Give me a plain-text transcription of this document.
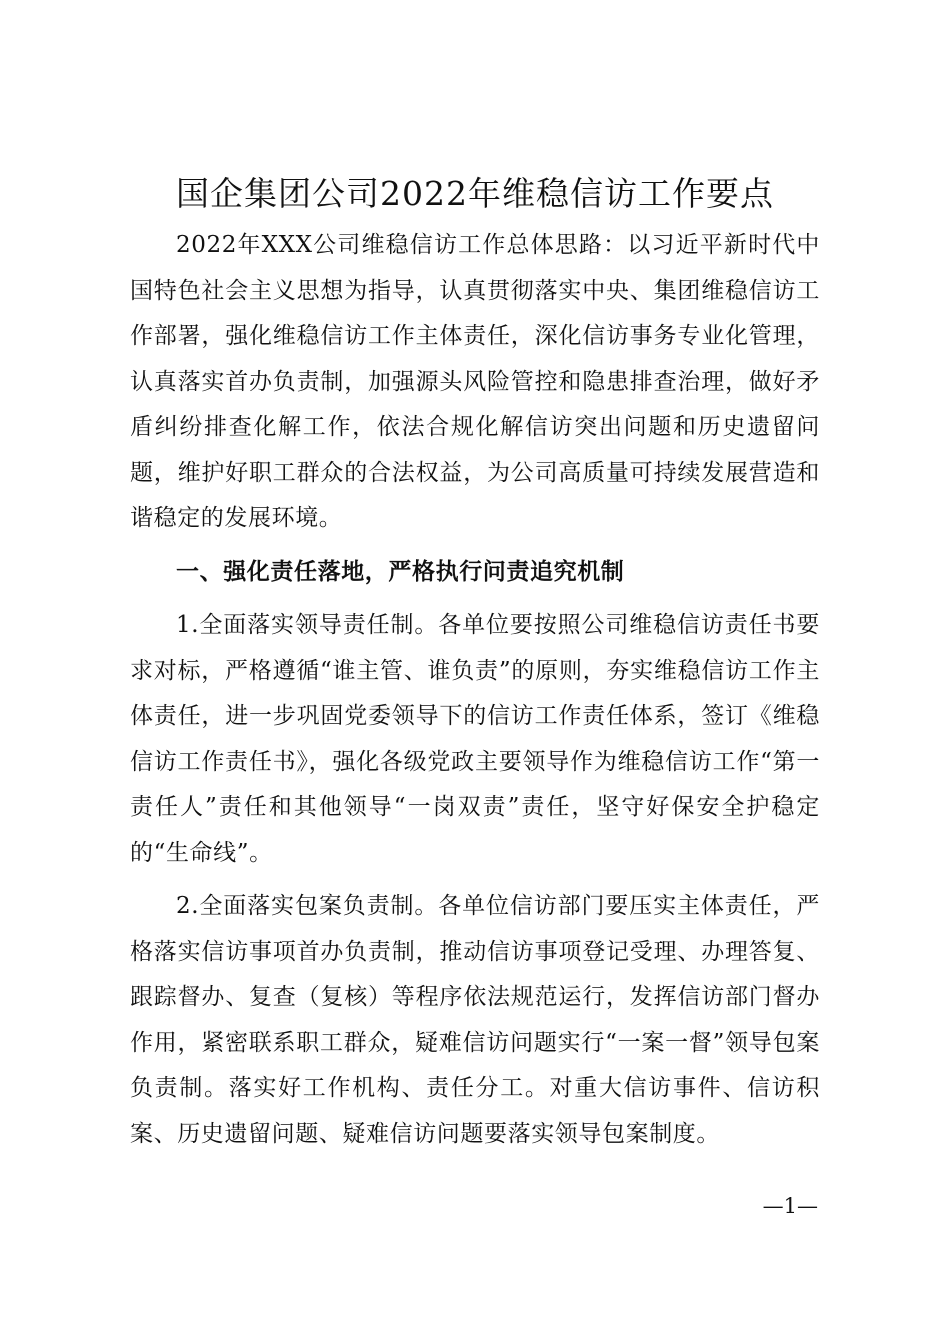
国企集团公司2022年维稳信访工作要点

2022年XXX公司维稳信访工作总体思路：以习近平新时代中国特色社会主义思想为指导，认真贯彻落实中央、集团维稳信访工作部署，强化维稳信访工作主体责任，深化信访事务专业化管理，认真落实首办负责制，加强源头风险管控和隐患排查治理，做好矛盾纠纷排查化解工作，依法合规化解信访突出问题和历史遗留问题，维护好职工群众的合法权益，为公司高质量可持续发展营造和谐稳定的发展环境。

一、强化责任落地，严格执行问责追究机制

1.全面落实领导责任制。各单位要按照公司维稳信访责任书要求对标，严格遵循“谁主管、谁负责”的原则，夯实维稳信访工作主体责任，进一步巩固党委领导下的信访工作责任体系，签订《维稳信访工作责任书》，强化各级党政主要领导作为维稳信访工作“第一责任人”责任和其他领导“一岗双责”责任，坚守好保安全护稳定的“生命线”。

2.全面落实包案负责制。各单位信访部门要压实主体责任，严格落实信访事项首办负责制，推动信访事项登记受理、办理答复、跟踪督办、复查（复核）等程序依法规范运行，发挥信访部门督办作用，紧密联系职工群众，疑难信访问题实行“一案一督”领导包案负责制。落实好工作机构、责任分工。对重大信访事件、信访积案、历史遗留问题、疑难信访问题要落实领导包案制度。

—1—
